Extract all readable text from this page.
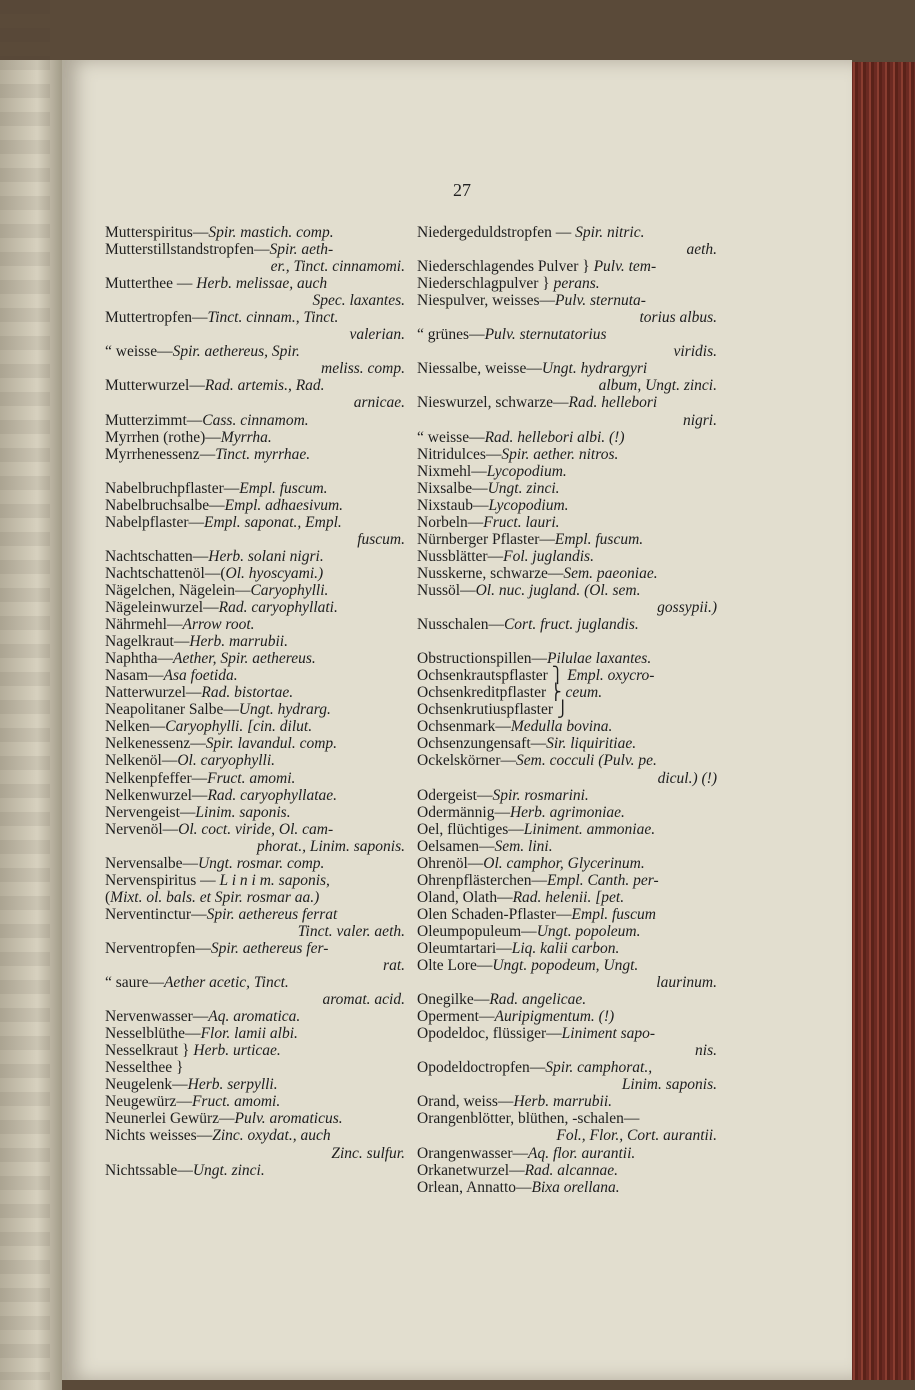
27
Mutterspiritus—Spir. mastich. comp.
Mutterstillstandstropfen—Spir. aeth-
er., Tinct. cinnamomi.
Mutterthee — Herb. melissae, auch
Spec. laxantes.
Muttertropfen—Tinct. cinnam., Tinct.
valerian.
“ weisse—Spir. aethereus, Spir.
meliss. comp.
Mutterwurzel—Rad. artemis., Rad.
arnicae.
Mutterzimmt—Cass. cinnamom.
Myrrhen (rothe)—Myrrha.
Myrrhenessenz—Tinct. myrrhae.
Nabelbruchpflaster—Empl. fuscum.
Nabelbruchsalbe—Empl. adhaesivum.
Nabelpflaster—Empl. saponat., Empl.
fuscum.
Nachtschatten—Herb. solani nigri.
Nachtschattenöl—(Ol. hyoscyami.)
Nägelchen, Nägelein—Caryophylli.
Nägeleinwurzel—Rad. caryophyllati.
Nährmehl—Arrow root.
Nagelkraut—Herb. marrubii.
Naphtha—Aether, Spir. aethereus.
Nasam—Asa foetida.
Natterwurzel—Rad. bistortae.
Neapolitaner Salbe—Ungt. hydrarg.
Nelken—Caryophylli. [cin. dilut.
Nelkenessenz—Spir. lavandul. comp.
Nelkenöl—Ol. caryophylli.
Nelkenpfeffer—Fruct. amomi.
Nelkenwurzel—Rad. caryophyllatae.
Nervengeist—Linim. saponis.
Nervenöl—Ol. coct. viride, Ol. cam-
phorat., Linim. saponis.
Nervensalbe—Ungt. rosmar. comp.
Nervenspiritus — L i n i m. saponis,
(Mixt. ol. bals. et Spir. rosmar aa.)
Nerventinctur—Spir. aethereus ferrat
Tinct. valer. aeth.
Nerventropfen—Spir. aethereus fer-
rat.
“ saure—Aether acetic, Tinct.
aromat. acid.
Nervenwasser—Aq. aromatica.
Nesselblüthe—Flor. lamii albi.
Nesselkraut } Herb. urticae.
Nesselthee }
Neugelenk—Herb. serpylli.
Neugewürz—Fruct. amomi.
Neunerlei Gewürz—Pulv. aromaticus.
Nichts weisses—Zinc. oxydat., auch
Zinc. sulfur.
Nichtssable—Ungt. zinci.
Niedergeduldstropfen — Spir. nitric.
aeth.
Niederschlagendes Pulver } Pulv. tem-
Niederschlagpulver } perans.
Niespulver, weisses—Pulv. sternuta-
torius albus.
“ grünes—Pulv. sternutatorius
viridis.
Niessalbe, weisse—Ungt. hydrargyri
album, Ungt. zinci.
Nieswurzel, schwarze—Rad. hellebori
nigri.
“ weisse—Rad. hellebori albi. (!)
Nitridulces—Spir. aether. nitros.
Nixmehl—Lycopodium.
Nixsalbe—Ungt. zinci.
Nixstaub—Lycopodium.
Norbeln—Fruct. lauri.
Nürnberger Pflaster—Empl. fuscum.
Nussblätter—Fol. juglandis.
Nusskerne, schwarze—Sem. paeoniae.
Nussöl—Ol. nuc. jugland. (Ol. sem.
gossypii.)
Nusschalen—Cort. fruct. juglandis.
Obstructionspillen—Pilulae laxantes.
Ochsenkrautspflaster ⎫ Empl. oxycro-
Ochsenkreditpflaster ⎬ ceum.
Ochsenkrutiuspflaster ⎭
Ochsenmark—Medulla bovina.
Ochsenzungensaft—Sir. liquiritiae.
Ockelskörner—Sem. cocculi (Pulv. pe.
dicul.) (!)
Odergeist—Spir. rosmarini.
Odermännig—Herb. agrimoniae.
Oel, flüchtiges—Liniment. ammoniae.
Oelsamen—Sem. lini.
Ohrenöl—Ol. camphor, Glycerinum.
Ohrenpflästerchen—Empl. Canth. per-
Oland, Olath—Rad. helenii. [pet.
Olen Schaden-Pflaster—Empl. fuscum
Oleumpopuleum—Ungt. popoleum.
Oleumtartari—Liq. kalii carbon.
Olte Lore—Ungt. popodeum, Ungt.
laurinum.
Onegilke—Rad. angelicae.
Operment—Auripigmentum. (!)
Opodeldoc, flüssiger—Liniment sapo-
nis.
Opodeldoctropfen—Spir. camphorat.,
Linim. saponis.
Orand, weiss—Herb. marrubii.
Orangenblötter, blüthen, -schalen—
Fol., Flor., Cort. aurantii.
Orangenwasser—Aq. flor. aurantii.
Orkanetwurzel—Rad. alcannae.
Orlean, Annatto—Bixa orellana.
